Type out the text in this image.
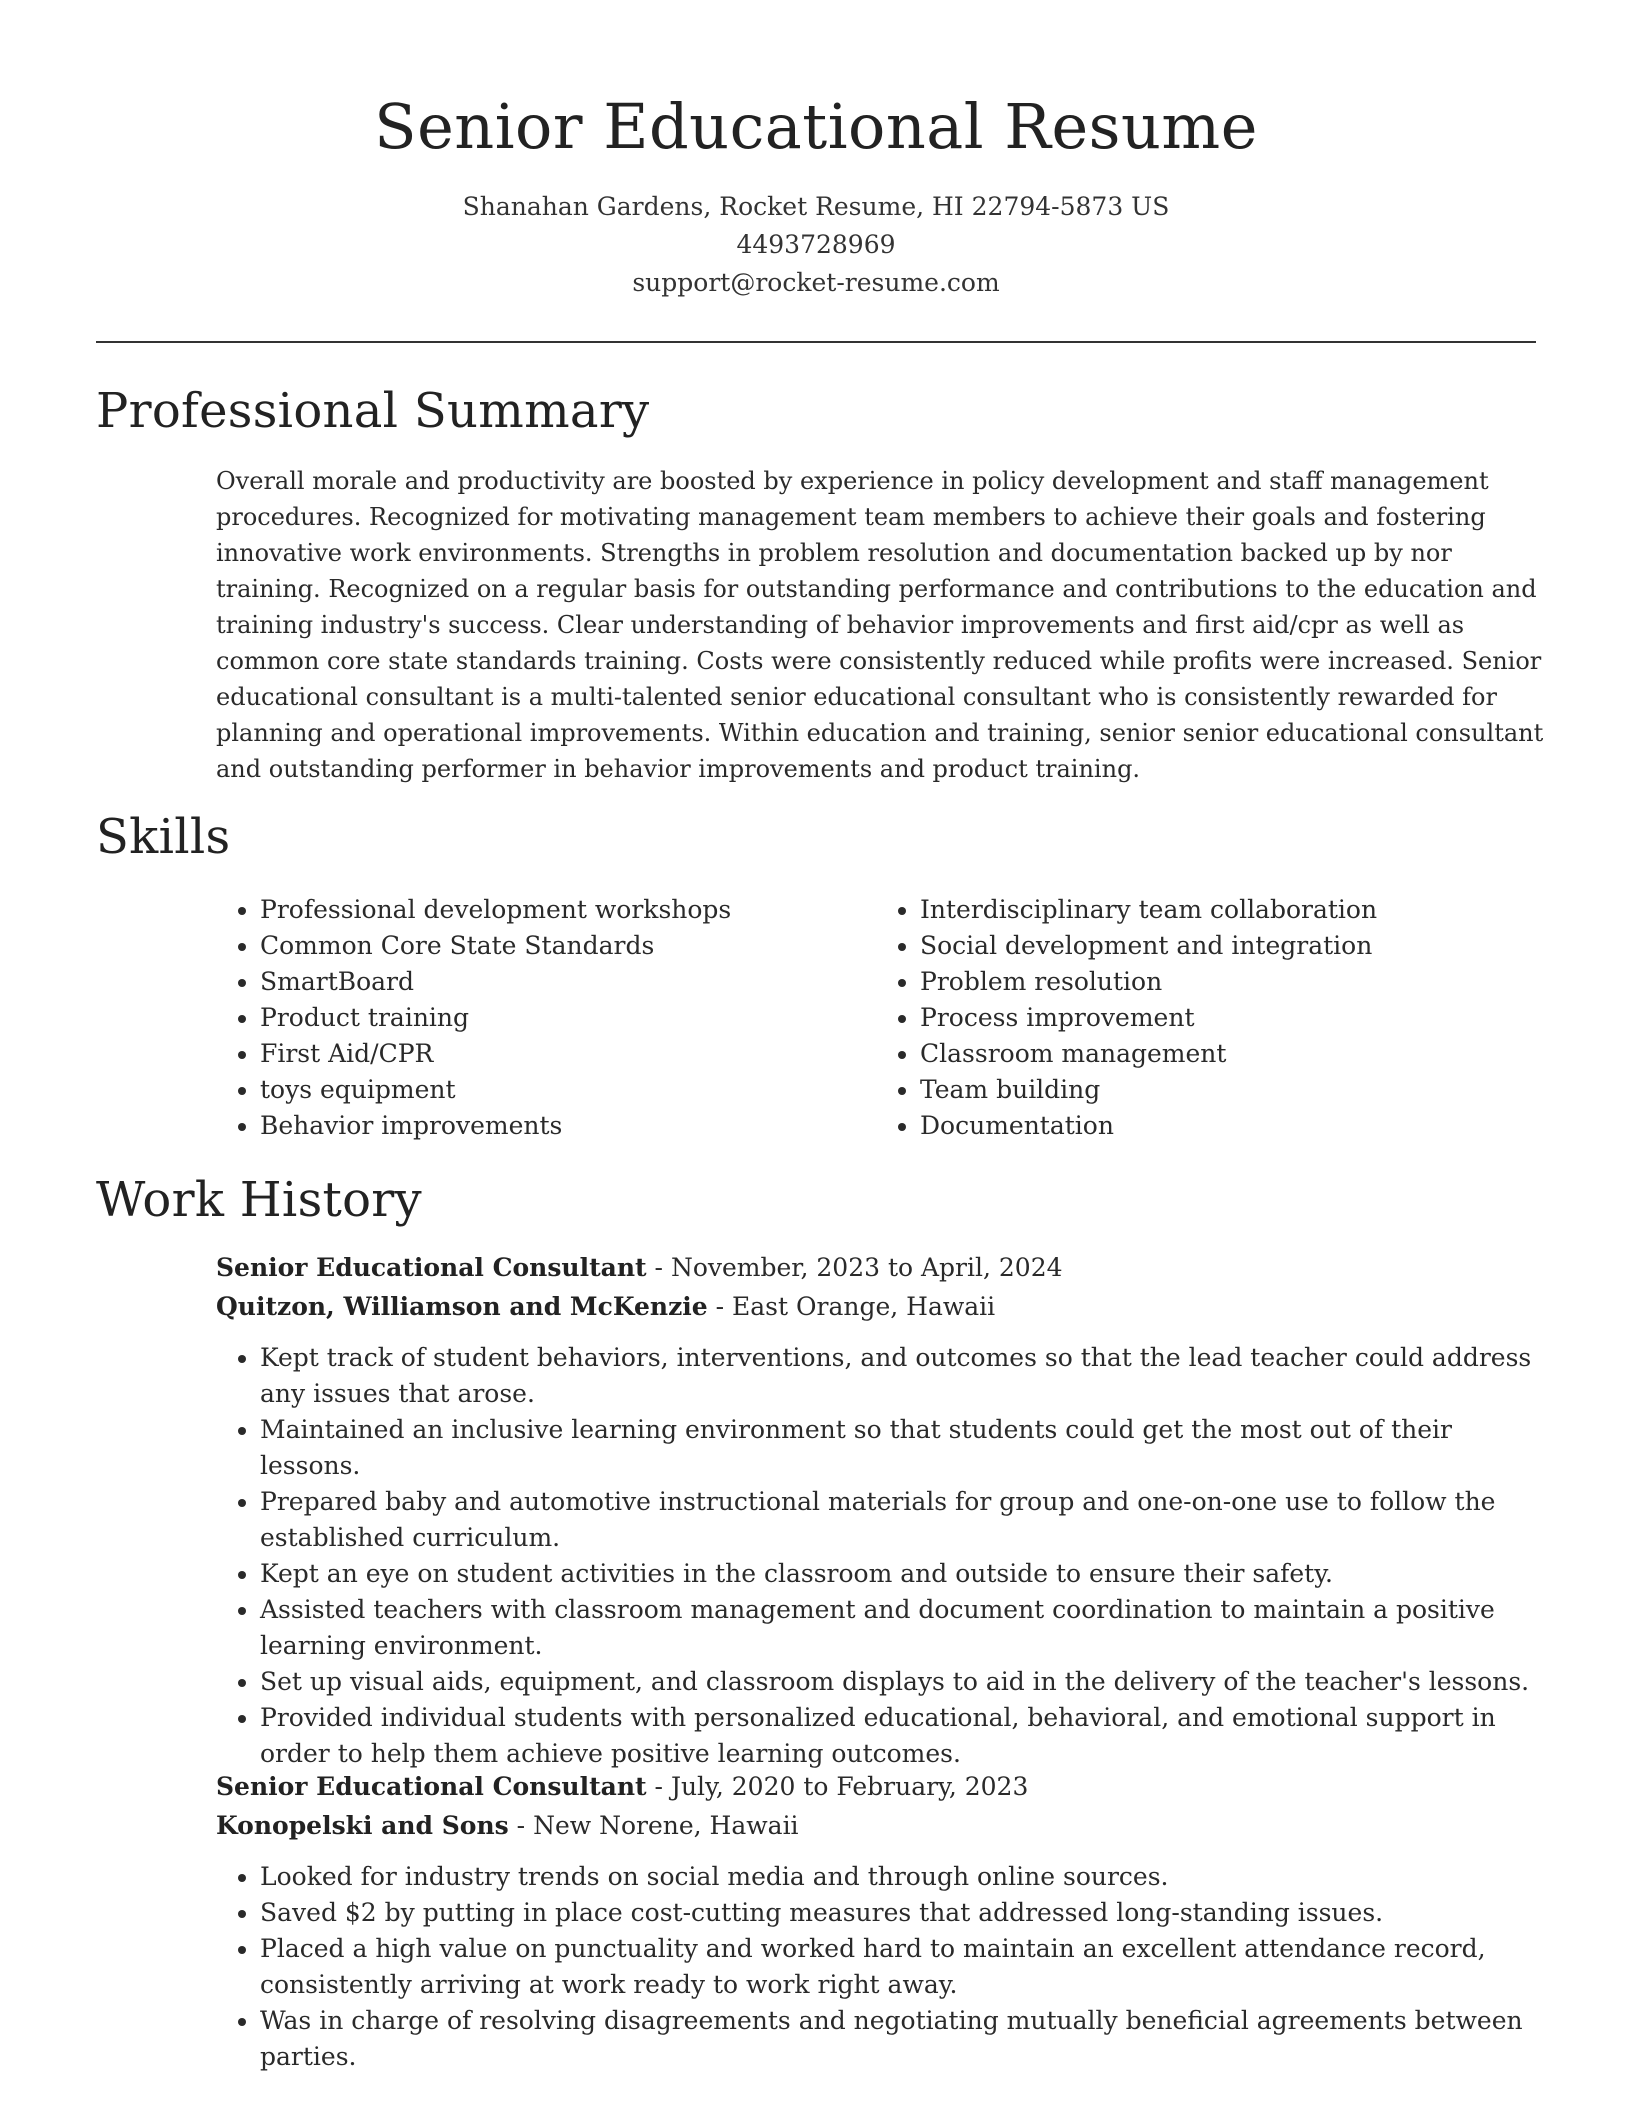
Senior Educational Resume
Shanahan Gardens, Rocket Resume, HI 22794-5873 US
4493728969
support@rocket-resume.com
Professional Summary

Overall morale and productivity are boosted by experience in policy development and staff management procedures. Recognized for motivating management team members to achieve their goals and fostering innovative work environments. Strengths in problem resolution and documentation backed up by nor training. Recognized on a regular basis for outstanding performance and contributions to the education and training industry's success. Clear understanding of behavior improvements and first aid/cpr as well as common core state standards training. Costs were consistently reduced while profits were increased. Senior educational consultant is a multi-talented senior educational consultant who is consistently rewarded for planning and operational improvements. Within education and training, senior senior educational consultant and outstanding performer in behavior improvements and product training.

Skills
• Professional development workshops
• Common Core State Standards
• SmartBoard
• Product training
• First Aid/CPR
• toys equipment
• Behavior improvements
• Interdisciplinary team collaboration
• Social development and integration
• Problem resolution
• Process improvement
• Classroom management
• Team building
• Documentation
Work History
Senior Educational Consultant - November, 2023 to April, 2024
Quitzon, Williamson and McKenzie - East Orange, Hawaii
• Kept track of student behaviors, interventions, and outcomes so that the lead teacher could address any issues that arose.
• Maintained an inclusive learning environment so that students could get the most out of their lessons.
• Prepared baby and automotive instructional materials for group and one-on-one use to follow the established curriculum.
• Kept an eye on student activities in the classroom and outside to ensure their safety.
• Assisted teachers with classroom management and document coordination to maintain a positive learning environment.
• Set up visual aids, equipment, and classroom displays to aid in the delivery of the teacher's lessons.
• Provided individual students with personalized educational, behavioral, and emotional support in order to help them achieve positive learning outcomes.
Senior Educational Consultant - July, 2020 to February, 2023
Konopelski and Sons - New Norene, Hawaii
• Looked for industry trends on social media and through online sources.
• Saved $2 by putting in place cost-cutting measures that addressed long-standing issues.
• Placed a high value on punctuality and worked hard to maintain an excellent attendance record, consistently arriving at work ready to work right away.
• Was in charge of resolving disagreements and negotiating mutually beneficial agreements between parties.
